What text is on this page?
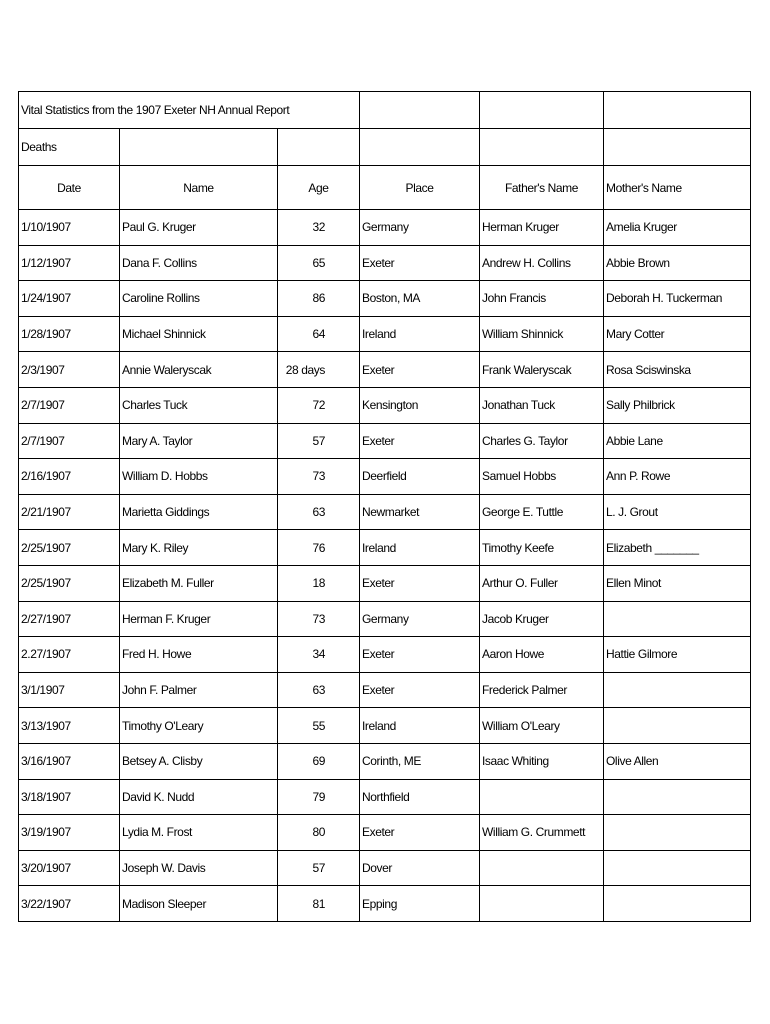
Vital Statistics from the 1907 Exeter NH Annual Report					
Deaths					
Date	Name	Age	Place	Father's Name	Mother's Name
1/10/1907	Paul G. Kruger	32	Germany	Herman Kruger	Amelia Kruger
1/12/1907	Dana F. Collins	65	Exeter	Andrew H. Collins	Abbie Brown
1/24/1907	Caroline Rollins	86	Boston, MA	John Francis	Deborah H. Tuckerman
1/28/1907	Michael Shinnick	64	Ireland	William Shinnick	Mary Cotter
2/3/1907	Annie Waleryscak	28 days	Exeter	Frank Waleryscak	Rosa Sciswinska
2/7/1907	Charles Tuck	72	Kensington	Jonathan Tuck	Sally Philbrick
2/7/1907	Mary A. Taylor	57	Exeter	Charles G. Taylor	Abbie Lane
2/16/1907	William D. Hobbs	73	Deerfield	Samuel Hobbs	Ann P. Rowe
2/21/1907	Marietta Giddings	63	Newmarket	George E. Tuttle	L. J. Grout
2/25/1907	Mary K. Riley	76	Ireland	Timothy Keefe	Elizabeth _______
2/25/1907	Elizabeth M. Fuller	18	Exeter	Arthur O. Fuller	Ellen Minot
2/27/1907	Herman F. Kruger	73	Germany	Jacob Kruger	
2.27/1907	Fred H. Howe	34	Exeter	Aaron Howe	Hattie Gilmore
3/1/1907	John F. Palmer	63	Exeter	Frederick Palmer	
3/13/1907	Timothy O'Leary	55	Ireland	William O'Leary	
3/16/1907	Betsey A. Clisby	69	Corinth, ME	Isaac Whiting	Olive Allen
3/18/1907	David K. Nudd	79	Northfield		
3/19/1907	Lydia M. Frost	80	Exeter	William G. Crummett	
3/20/1907	Joseph W. Davis	57	Dover		
3/22/1907	Madison Sleeper	81	Epping		
